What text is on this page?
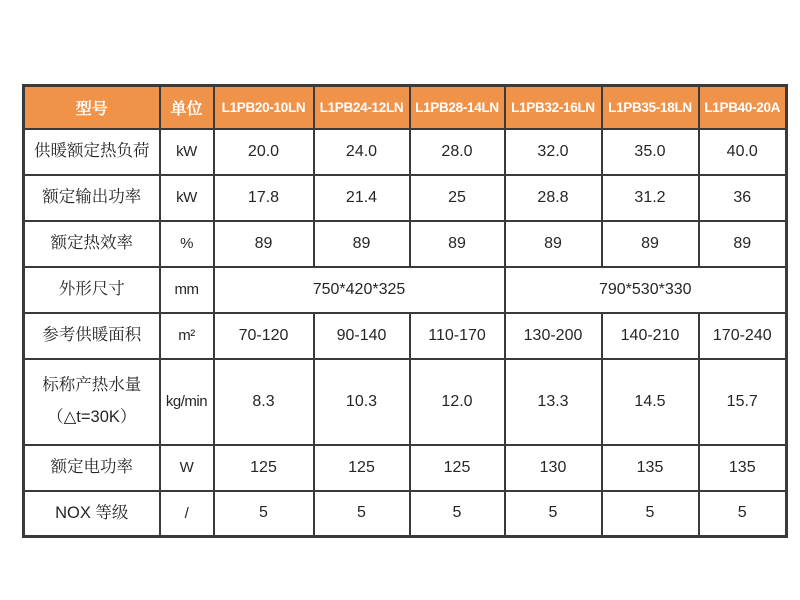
型号	单位	L1PB20-10LN	L1PB24-12LN	L1PB28-14LN	L1PB32-16LN	L1PB35-18LN	L1PB40-20A
供暖额定热负荷	kW	20.0	24.0	28.0	32.0	35.0	40.0
额定输出功率	kW	17.8	21.4	25	28.8	31.2	36
额定热效率	%	89	89	89	89	89	89
外形尺寸	mm	750*420*325			790*530*330		
参考供暖面积	m²	70-120	90-140	110-170	130-200	140-210	170-240
标称产热水量（△t=30K）	kg/min	8.3	10.3	12.0	13.3	14.5	15.7
额定电功率	W	125	125	125	130	135	135
NOX 等级	/	5	5	5	5	5	5
